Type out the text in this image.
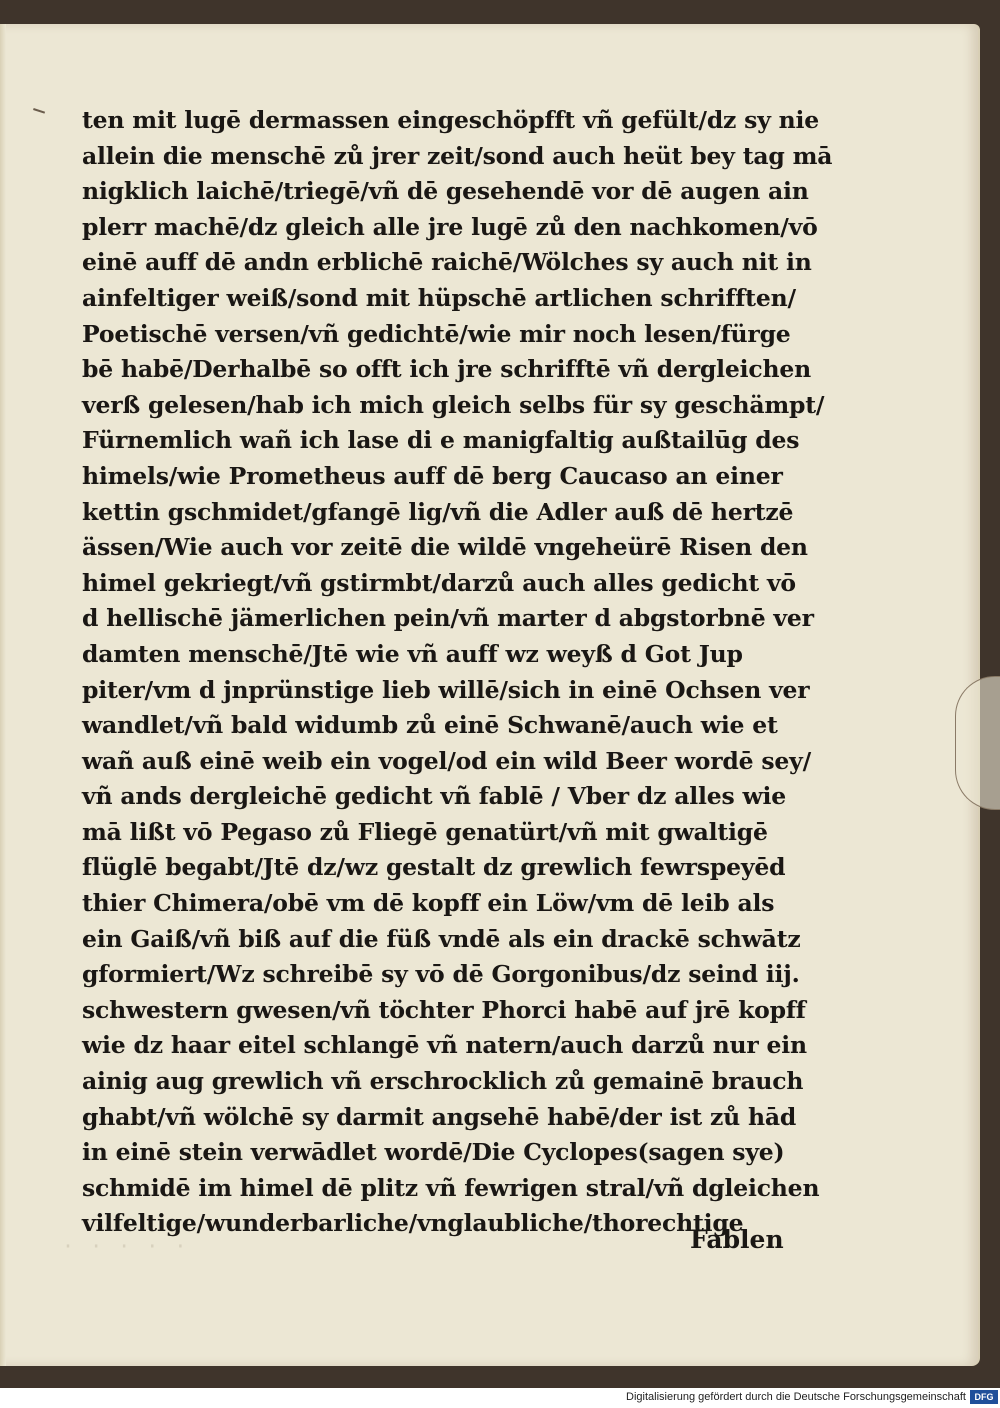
· · · · ·
ten mit lugē dermassen eingeschöpfft vñ gefült/dz sy nie
allein die menschē zů jrer zeit/sond auch heüt bey tag mā
nigklich laichē/triegē/vñ dē gesehendē vor dē augen ain
plerr machē/dz gleich alle jre lugē zů den nachkomen/vō
einē auff dē andn erblichē raichē/Wölches sy auch nit in
ainfeltiger weiß/sond mit hüpschē artlichen schrifften/
Poetischē versen/vñ gedichtē/wie mir noch lesen/fürge
bē habē/Derhalbē so offt ich jre schrifftē vñ dergleichen
verß gelesen/hab ich mich gleich selbs für sy geschämpt/
Fürnemlich wañ ich lase di e manigfaltig außtailūg des
himels/wie Prometheus auff dē berg Caucaso an einer
kettin gschmidet/gfangē lig/vñ die Adler auß dē hertzē
ässen/Wie auch vor zeitē die wildē vngeheürē Risen den
himel gekriegt/vñ gstirmbt/darzů auch alles gedicht vō
d hellischē jämerlichen pein/vñ marter d abgstorbnē ver
damten menschē/Jtē wie vñ auff wz weyß d Got Jup
piter/vm d jnprünstige lieb willē/sich in einē Ochsen ver
wandlet/vñ bald widumb zů einē Schwanē/auch wie et
wañ auß einē weib ein vogel/od ein wild Beer wordē sey/
vñ ands dergleichē gedicht vñ fablē / Vber dz alles wie
mā lißt vō Pegaso zů Fliegē genatürt/vñ mit gwaltigē
flüglē begabt/Jtē dz/wz gestalt dz grewlich fewrspeyēd
thier Chimera/obē vm dē kopff ein Löw/vm dē leib als
ein Gaiß/vñ biß auf die füß vndē als ein drackē schwātz
gformiert/Wz schreibē sy vō dē Gorgonibus/dz seind iij.
schwestern gwesen/vñ töchter Phorci habē auf jrē kopff
wie dz haar eitel schlangē vñ natern/auch darzů nur ein
ainig aug grewlich vñ erschrocklich zů gemainē brauch
ghabt/vñ wölchē sy darmit angsehē habē/der ist zů hād
in einē stein verwādlet wordē/Die Cyclopes(sagen sye)
schmidē im himel dē plitz vñ fewrigen stral/vñ dgleichen
vilfeltige/wunderbarliche/vnglaubliche/thorechtige
Fablen
Digitalisierung gefördert durch die Deutsche Forschungsgemeinschaft DFG
